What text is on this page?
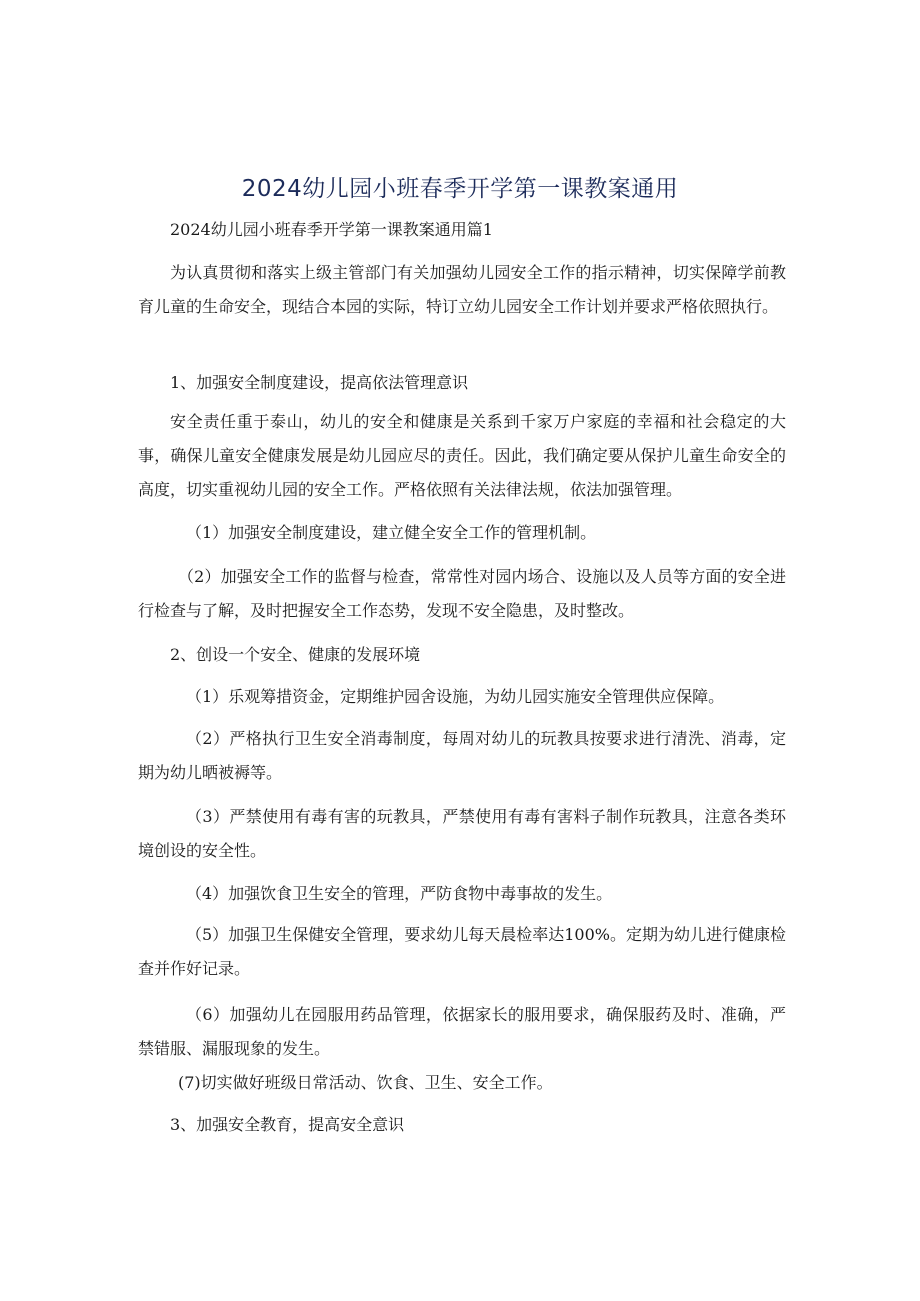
2024幼儿园小班春季开学第一课教案通用

2024幼儿园小班春季开学第一课教案通用篇1

为认真贯彻和落实上级主管部门有关加强幼儿园安全工作的指示精神，切实保障学前教育儿童的生命安全，现结合本园的实际，特订立幼儿园安全工作计划并要求严格依照执行。

1、加强安全制度建设，提高依法管理意识

安全责任重于泰山，幼儿的安全和健康是关系到千家万户家庭的幸福和社会稳定的大事，确保儿童安全健康发展是幼儿园应尽的责任。因此，我们确定要从保护儿童生命安全的高度，切实重视幼儿园的安全工作。严格依照有关法律法规，依法加强管理。

（1）加强安全制度建设，建立健全安全工作的管理机制。

（2）加强安全工作的监督与检查，常常性对园内场合、设施以及人员等方面的安全进行检查与了解，及时把握安全工作态势，发现不安全隐患，及时整改。

2、创设一个安全、健康的发展环境

（1）乐观筹措资金，定期维护园舍设施，为幼儿园实施安全管理供应保障。

（2）严格执行卫生安全消毒制度，每周对幼儿的玩教具按要求进行清洗、消毒，定期为幼儿晒被褥等。

（3）严禁使用有毒有害的玩教具，严禁使用有毒有害料子制作玩教具，注意各类环境创设的安全性。

（4）加强饮食卫生安全的管理，严防食物中毒事故的发生。

（5）加强卫生保健安全管理，要求幼儿每天晨检率达100%。定期为幼儿进行健康检查并作好记录。

（6）加强幼儿在园服用药品管理，依据家长的服用要求，确保服药及时、准确，严禁错服、漏服现象的发生。

(7)切实做好班级日常活动、饮食、卫生、安全工作。

3、加强安全教育，提高安全意识
